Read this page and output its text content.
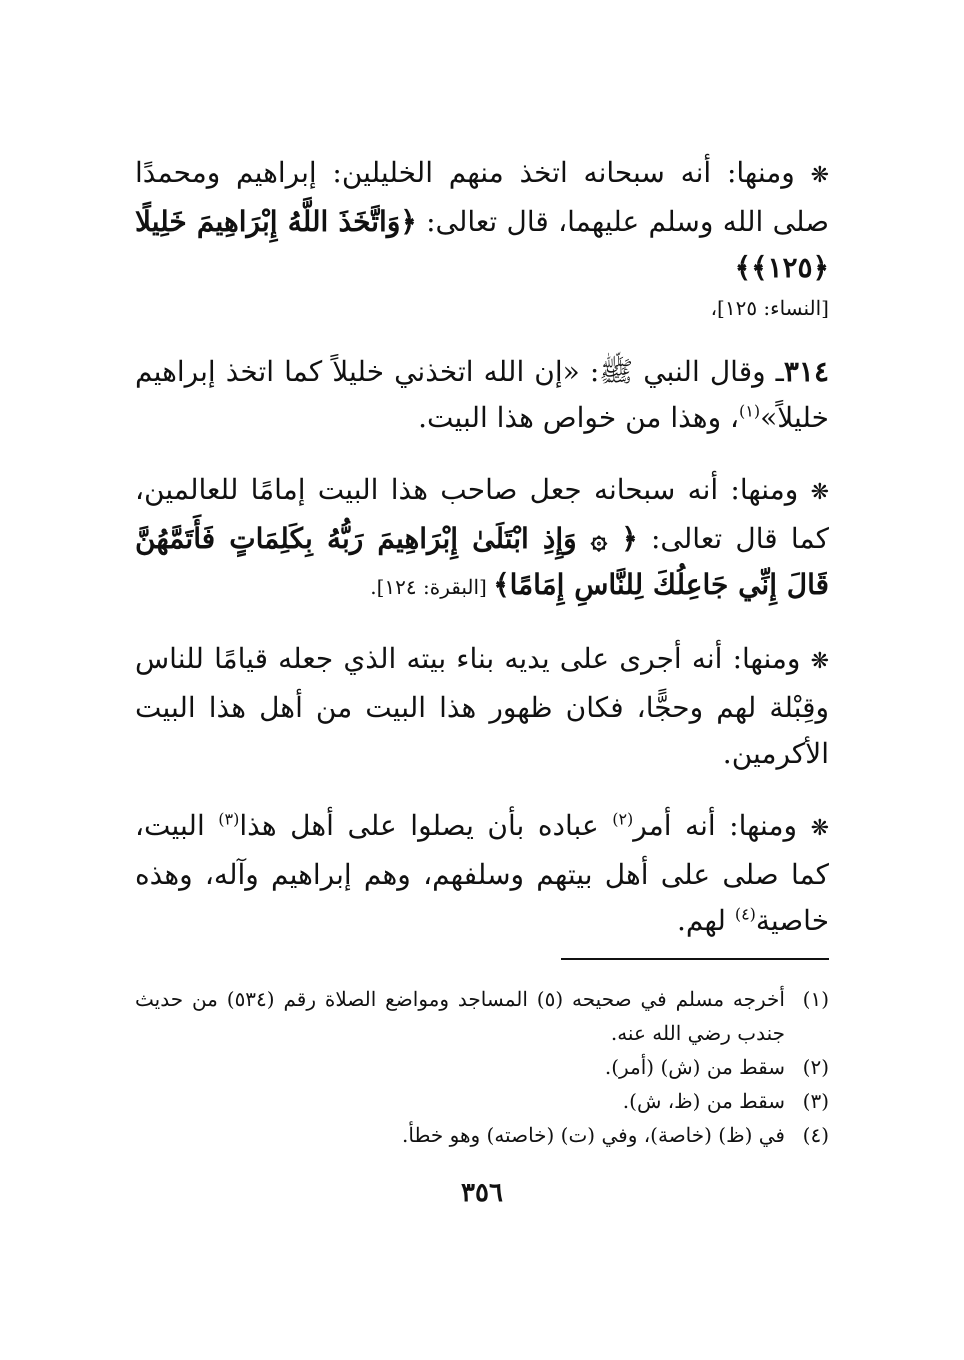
❋ ومنها: أنه سبحانه اتخذ منهم الخليلين: إبراهيم ومحمدًا صلى الله وسلم عليهما، قال تعالى: ﴿وَاتَّخَذَ اللَّهُ إِبْرَاهِيمَ خَلِيلًا ﴿١٢٥﴾﴾

[النساء: ١٢٥]،

٣١٤ـ وقال النبي ﷺ: «إن الله اتخذني خليلاً كما اتخذ إبراهيم خليلاً»$^{(١)}$، وهذا من خواص هذا البيت.

❋ ومنها: أنه سبحانه جعل صاحب هذا البيت إمامًا للعالمين، كما قال تعالى: ﴿ ۞ وَإِذِ ابْتَلَىٰ إِبْرَاهِيمَ رَبُّهُ بِكَلِمَاتٍ فَأَتَمَّهُنَّ قَالَ إِنِّي جَاعِلُكَ لِلنَّاسِ إِمَامًا﴾ [البقرة: ١٢٤].

❋ ومنها: أنه أجرى على يديه بناء بيته الذي جعله قيامًا للناس وقِبْلة لهم وحجًّا، فكان ظهور هذا البيت من أهل هذا البيت الأكرمين.

❋ ومنها: أنه أمر$^{(٢)}$ عباده بأن يصلوا على أهل هذا$^{(٣)}$ البيت، كما صلى على أهل بيتهم وسلفهم، وهم إبراهيم وآله، وهذه خاصية$^{(٤)}$ لهم.

(١)
أخرجه مسلم في صحيحه (٥) المساجد ومواضع الصلاة رقم (٥٣٤) من حديث جندب رضي الله عنه.
(٢)
سقط من (ش) (أمر).
(٣)
سقط من (ظ، ش).
(٤)
في (ظ) (خاصة)، وفي (ت) (خاصته) وهو خطأ.
٣٥٦
